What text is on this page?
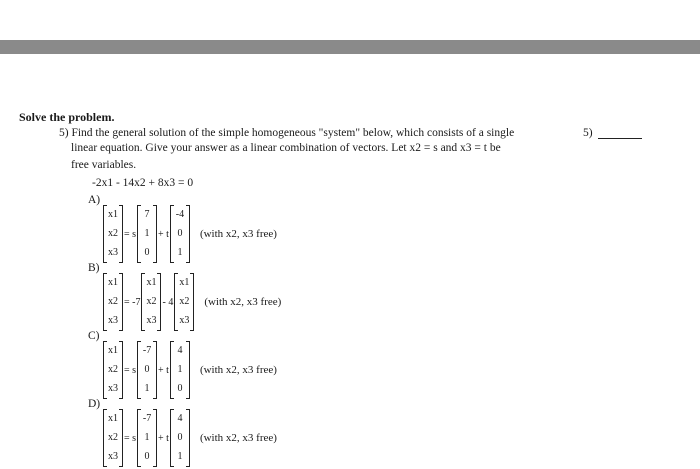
Solve the problem.
5) Find the general solution of the simple homogeneous "system" below, which consists of a single
linear equation. Give your answer as a linear combination of vectors. Let x2 = s and x3 = t be
free variables.
-2x1 - 14x2 + 8x3 = 0
5)
A)
x1
x2
x3
= s
7
1
0
+ t
-4
0
1
(with x2, x3 free)
B)
x1
x2
x3
= -7
x1
x2
x3
- 4
x1
x2
x3
(with x2, x3 free)
C)
x1
x2
x3
= s
-7
0
1
+ t
4
1
0
(with x2, x3 free)
D)
x1
x2
x3
= s
-7
1
0
+ t
4
0
1
(with x2, x3 free)
